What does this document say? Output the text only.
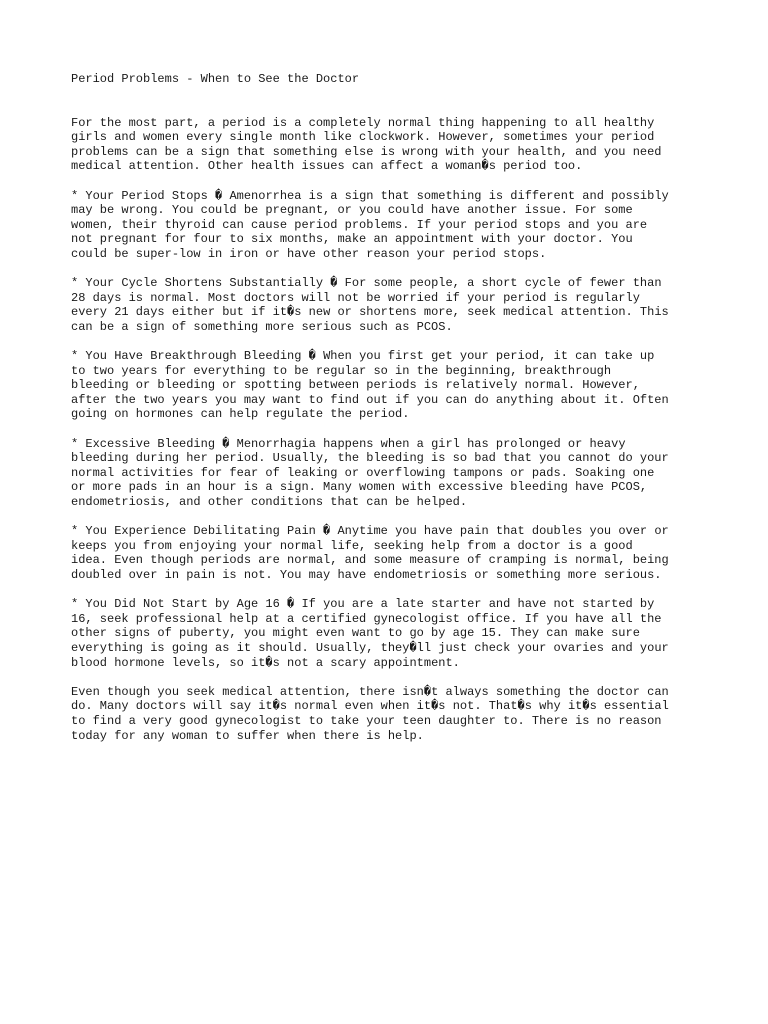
Period Problems - When to See the Doctor
For the most part, a period is a completely normal thing happening to all healthy
girls and women every single month like clockwork. However, sometimes your period
problems can be a sign that something else is wrong with your health, and you need
medical attention. Other health issues can affect a woman�s period too.
* Your Period Stops � Amenorrhea is a sign that something is different and possibly
may be wrong. You could be pregnant, or you could have another issue. For some
women, their thyroid can cause period problems. If your period stops and you are
not pregnant for four to six months, make an appointment with your doctor. You
could be super-low in iron or have other reason your period stops.
* Your Cycle Shortens Substantially � For some people, a short cycle of fewer than
28 days is normal. Most doctors will not be worried if your period is regularly
every 21 days either but if it�s new or shortens more, seek medical attention. This
can be a sign of something more serious such as PCOS.
* You Have Breakthrough Bleeding � When you first get your period, it can take up
to two years for everything to be regular so in the beginning, breakthrough
bleeding or bleeding or spotting between periods is relatively normal. However,
after the two years you may want to find out if you can do anything about it. Often
going on hormones can help regulate the period.
* Excessive Bleeding � Menorrhagia happens when a girl has prolonged or heavy
bleeding during her period. Usually, the bleeding is so bad that you cannot do your
normal activities for fear of leaking or overflowing tampons or pads. Soaking one
or more pads in an hour is a sign. Many women with excessive bleeding have PCOS,
endometriosis, and other conditions that can be helped.
* You Experience Debilitating Pain � Anytime you have pain that doubles you over or
keeps you from enjoying your normal life, seeking help from a doctor is a good
idea. Even though periods are normal, and some measure of cramping is normal, being
doubled over in pain is not. You may have endometriosis or something more serious.
* You Did Not Start by Age 16 � If you are a late starter and have not started by
16, seek professional help at a certified gynecologist office. If you have all the
other signs of puberty, you might even want to go by age 15. They can make sure
everything is going as it should. Usually, they�ll just check your ovaries and your
blood hormone levels, so it�s not a scary appointment.
Even though you seek medical attention, there isn�t always something the doctor can
do. Many doctors will say it�s normal even when it�s not. That�s why it�s essential
to find a very good gynecologist to take your teen daughter to. There is no reason
today for any woman to suffer when there is help.
